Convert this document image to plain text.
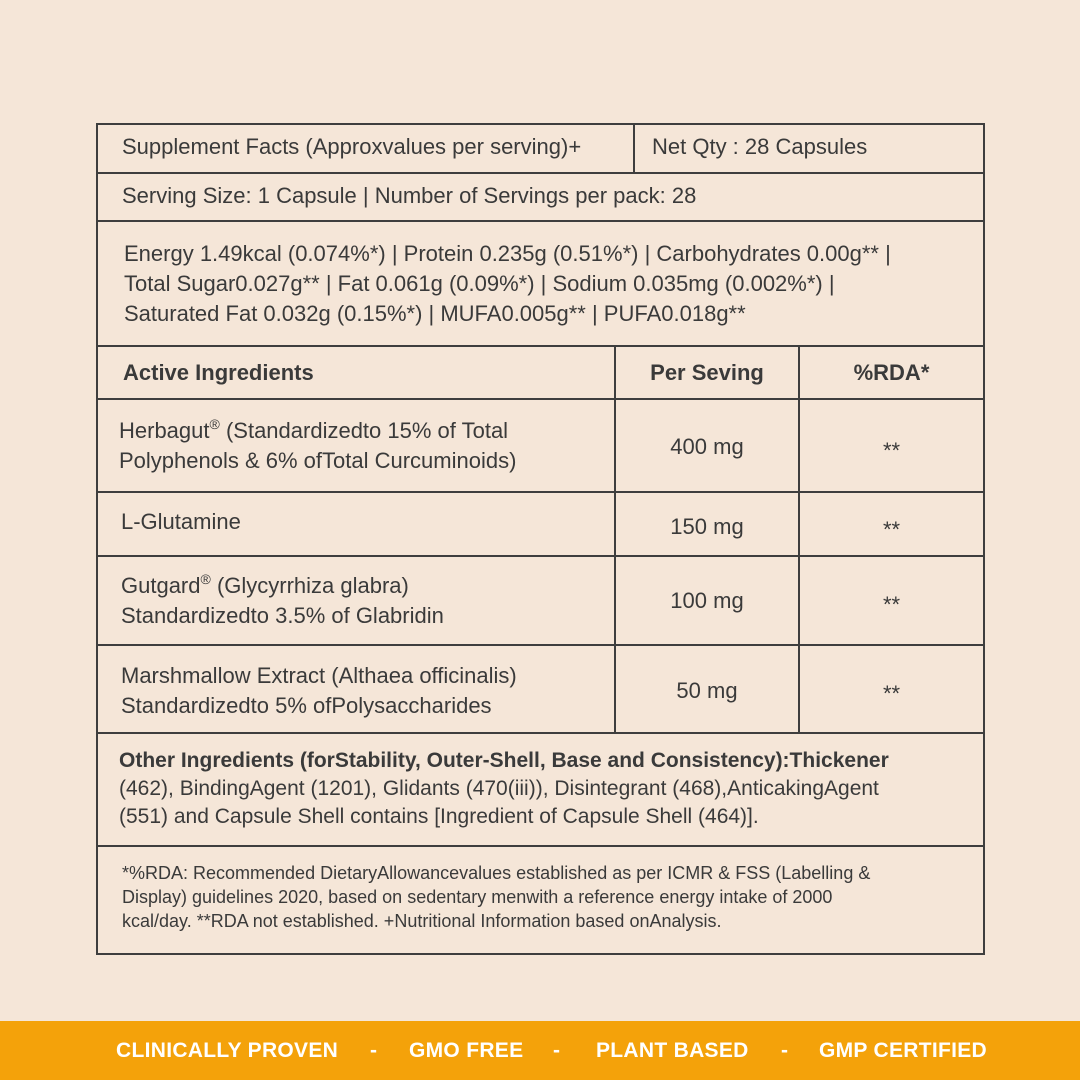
Supplement Facts (Approxvalues per serving)+	Net Qty : 28 Capsules
Serving Size: 1 Capsule | Number of Servings per pack: 28
Energy 1.49kcal (0.074%*) | Protein 0.235g (0.51%*) | Carbohydrates 0.00g** |
Total Sugar0.027g** | Fat 0.061g (0.09%*) | Sodium 0.035mg (0.002%*) |
Saturated Fat 0.032g (0.15%*) | MUFA0.005g** | PUFA0.018g**
Active Ingredients	Per Seving	%RDA*
Herbagut® (Standardizedto 15% of Total
Polyphenols & 6% ofTotal Curcuminoids)
400 mg	**
L-Glutamine	150 mg	**
Gutgard® (Glycyrrhiza glabra)
Standardizedto 3.5% of Glabridin
100 mg	**
Marshmallow Extract (Althaea officinalis)
Standardizedto 5% ofPolysaccharides
50 mg	**
Other Ingredients (forStability, Outer-Shell, Base and Consistency):Thickener
(462), BindingAgent (1201), Glidants (470(iii)), Disintegrant (468),AnticakingAgent
(551) and Capsule Shell contains [Ingredient of Capsule Shell (464)].
*%RDA: Recommended DietaryAllowancevalues established as per ICMR & FSS (Labelling &
Display) guidelines 2020, based on sedentary menwith a reference energy intake of 2000
kcal/day. **RDA not established. +Nutritional Information based onAnalysis.
CLINICALLY PROVEN - GMO FREE - PLANT BASED - GMP CERTIFIED
